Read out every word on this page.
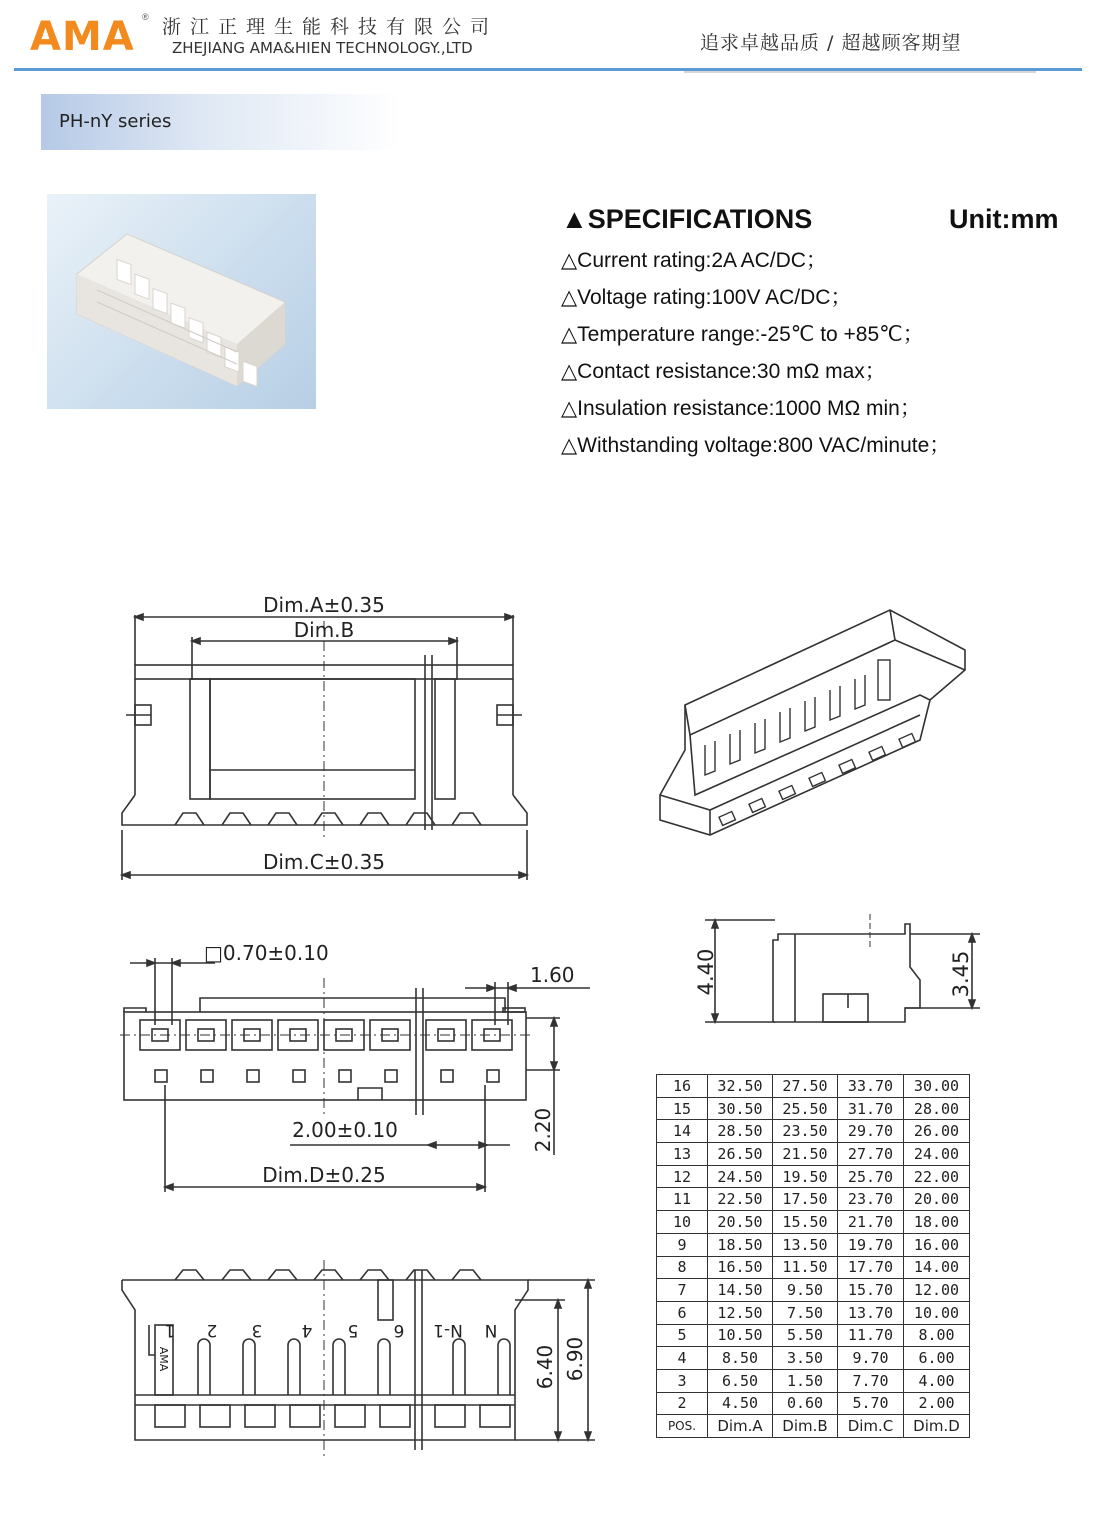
AMA ® 浙江正理生能科技有限公司
ZHEJIANG AMA&HIEN TECHNOLOGY.,LTD	追求卓越品质 / 超越顾客期望
PH-nY series
▲SPECIFICATIONS	Unit:mm
△Current rating:2A AC/DC；
△Voltage rating:100V AC/DC；
△Temperature range:-25℃ to +85℃；
△Contact resistance:30 mΩ max；
△Insulation resistance:1000 MΩ min；
△Withstanding voltage:800 VAC/minute；
Dim.A±0.35
Dim.B
Dim.C±0.35
□0.70±0.10
1.60
2.00±0.10	2.20
Dim.D±0.25
4.40	3.45
1 2 3 4 5 6 N-1 N
AMA	6.40 6.90
16	32.50	27.50	33.70	30.00
15	30.50	25.50	31.70	28.00
14	28.50	23.50	29.70	26.00
13	26.50	21.50	27.70	24.00
12	24.50	19.50	25.70	22.00
11	22.50	17.50	23.70	20.00
10	20.50	15.50	21.70	18.00
9	18.50	13.50	19.70	16.00
8	16.50	11.50	17.70	14.00
7	14.50	9.50	15.70	12.00
6	12.50	7.50	13.70	10.00
5	10.50	5.50	11.70	8.00
4	8.50	3.50	9.70	6.00
3	6.50	1.50	7.70	4.00
2	4.50	0.60	5.70	2.00
POS.	Dim.A	Dim.B	Dim.C	Dim.D
